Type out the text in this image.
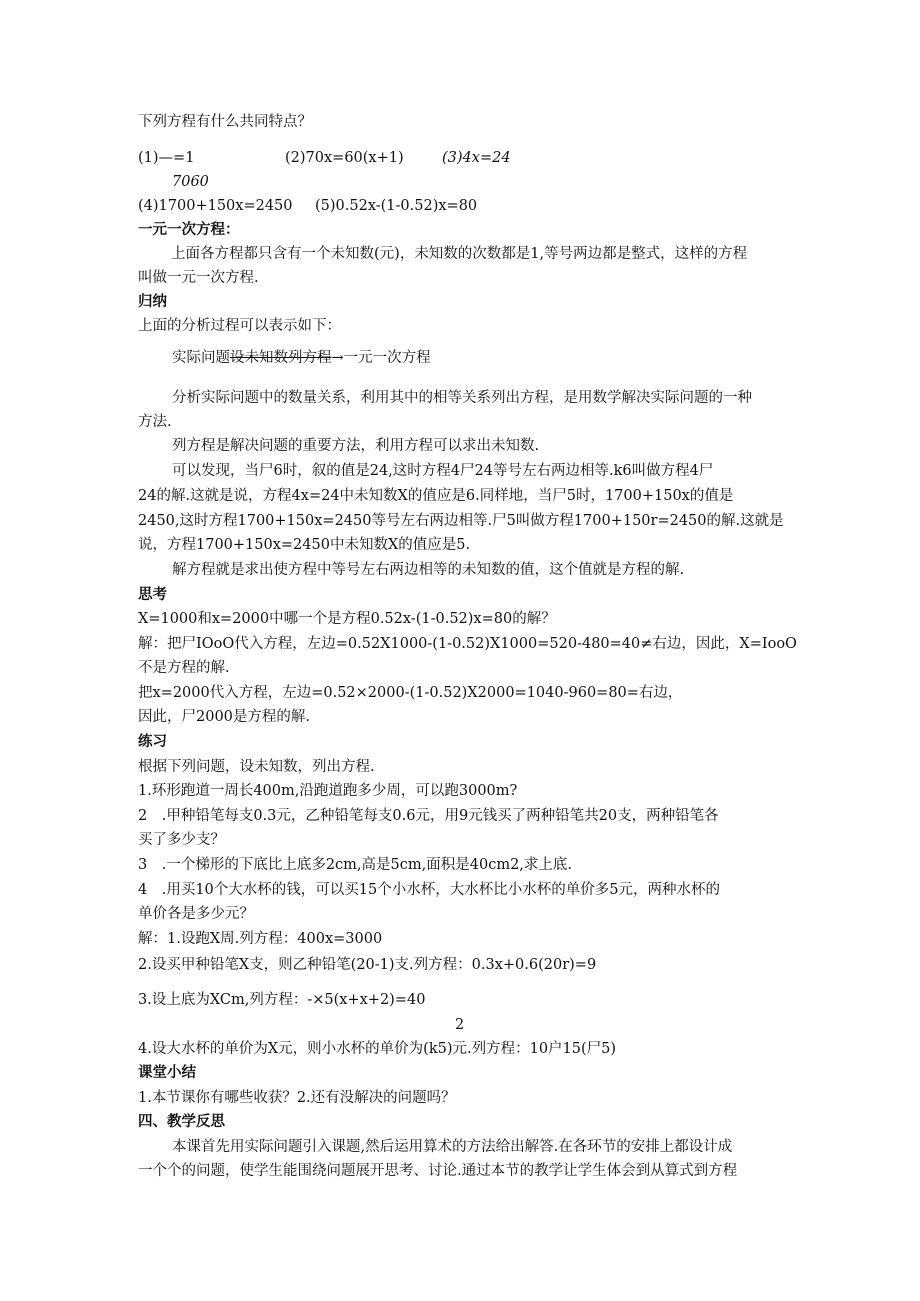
下列方程有什么共同特点？
(1)—=1	(2)70x=60(x+1)	(3)4x=24
7060
(4)1700+150x=2450 (5)0.52x-(1-0.52)x=80
一元一次方程：
上面各方程都只含有一个未知数(元)，未知数的次数都是1,等号两边都是整式，这样的方程
叫做一元一次方程.
归纳
上面的分析过程可以表示如下：
实际问题设未知数列方程→一元一次方程
分析实际问题中的数量关系，利用其中的相等关系列出方程，是用数学解决实际问题的一种
方法.
列方程是解决问题的重要方法，利用方程可以求出未知数.
可以发现，当尸6时，叙的值是24,这时方程4尸24等号左右两边相等.k6叫做方程4尸
24的解.这就是说，方程4x=24中未知数X的值应是6.同样地，当尸5时，1700+150x的值是
2450,这时方程1700+150x=2450等号左右两边相等.尸5叫做方程1700+150r=2450的解.这就是
说，方程1700+150x=2450中未知数X的值应是5.
解方程就是求出使方程中等号左右两边相等的未知数的值，这个值就是方程的解.
思考
X=1000和x=2000中哪一个是方程0.52x-(1-0.52)x=80的解？
解：把尸IOoO代入方程，左边=0.52X1000-(1-0.52)X1000=520-480=40≠右边，因此，X=IooO
不是方程的解.
把x=2000代入方程，左边=0.52×2000-(1-0.52)X2000=1040-960=80=右边，
因此，尸2000是方程的解.
练习
根据下列问题，设未知数，列出方程.
1.环形跑道一周长400m,沿跑道跑多少周，可以跑3000m?
2　.甲种铅笔每支0.3元，乙种铅笔每支0.6元，用9元钱买了两种铅笔共20支，两种铅笔各
买了多少支？
3　.一个梯形的下底比上底多2cm,高是5cm,面积是40cm2,求上底.
4　.用买10个大水杯的钱，可以买15个小水杯，大水杯比小水杯的单价多5元，两种水杯的
单价各是多少元？
解：1.设跑X周.列方程：400x=3000
2.设买甲种铅笔X支，则乙种铅笔(20-1)支.列方程：0.3x+0.6(20r)=9
3.设上底为XCm,列方程：-×5(x+x+2)=40
2
4.设大水杯的单价为X元，则小水杯的单价为(k5)元.列方程：10户15(尸5)
课堂小结
1.本节课你有哪些收获？2.还有没解决的问题吗？
四、教学反思
本课首先用实际问题引入课题,然后运用算术的方法给出解答.在各环节的安排上都设计成
一个个的问题，使学生能围绕问题展开思考、讨论.通过本节的教学让学生体会到从算式到方程
